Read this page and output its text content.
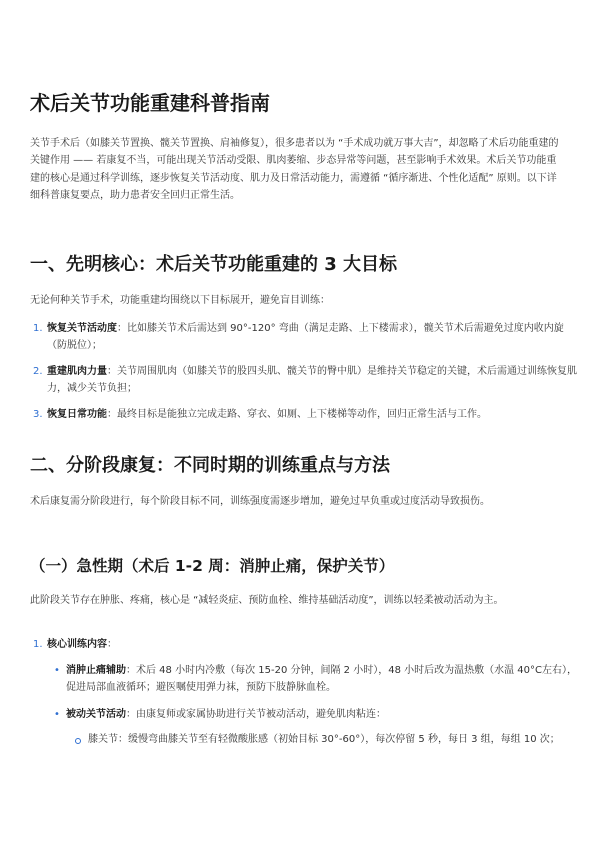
术后关节功能重建科普指南

关节手术后（如膝关节置换、髋关节置换、肩袖修复），很多患者以为 “手术成功就万事大吉”，却忽略了术后功能重建的关键作用 —— 若康复不当，可能出现关节活动受限、肌肉萎缩、步态异常等问题，甚至影响手术效果。术后关节功能重建的核心是通过科学训练，逐步恢复关节活动度、肌力及日常活动能力，需遵循 “循序渐进、个性化适配” 原则。以下详细科普康复要点，助力患者安全回归正常生活。

一、先明核心：术后关节功能重建的 3 大目标

无论何种关节手术，功能重建均围绕以下目标展开，避免盲目训练：

1. 恢复关节活动度：比如膝关节术后需达到 90°-120° 弯曲（满足走路、上下楼需求），髋关节术后需避免过度内收内旋（防脱位）；

2. 重建肌肉力量：关节周围肌肉（如膝关节的股四头肌、髋关节的臀中肌）是维持关节稳定的关键，术后需通过训练恢复肌力，减少关节负担；

3. 恢复日常功能：最终目标是能独立完成走路、穿衣、如厕、上下楼梯等动作，回归正常生活与工作。

二、分阶段康复：不同时期的训练重点与方法

术后康复需分阶段进行，每个阶段目标不同，训练强度需逐步增加，避免过早负重或过度活动导致损伤。

（一）急性期（术后 1-2 周：消肿止痛，保护关节）

此阶段关节存在肿胀、疼痛，核心是 “减轻炎症、预防血栓、维持基础活动度”，训练以轻柔被动活动为主。

1. 核心训练内容：

• 消肿止痛辅助：术后 48 小时内冷敷（每次 15-20 分钟，间隔 2 小时），48 小时后改为温热敷（水温 40°C左右），促进局部血液循环；避医嘱使用弹力袜，预防下肢静脉血栓。

• 被动关节活动：由康复师或家属协助进行关节被动活动，避免肌肉粘连：

膝关节：缓慢弯曲膝关节至有轻微酸胀感（初始目标 30°-60°），每次停留 5 秒，每日 3 组，每组 10 次；
